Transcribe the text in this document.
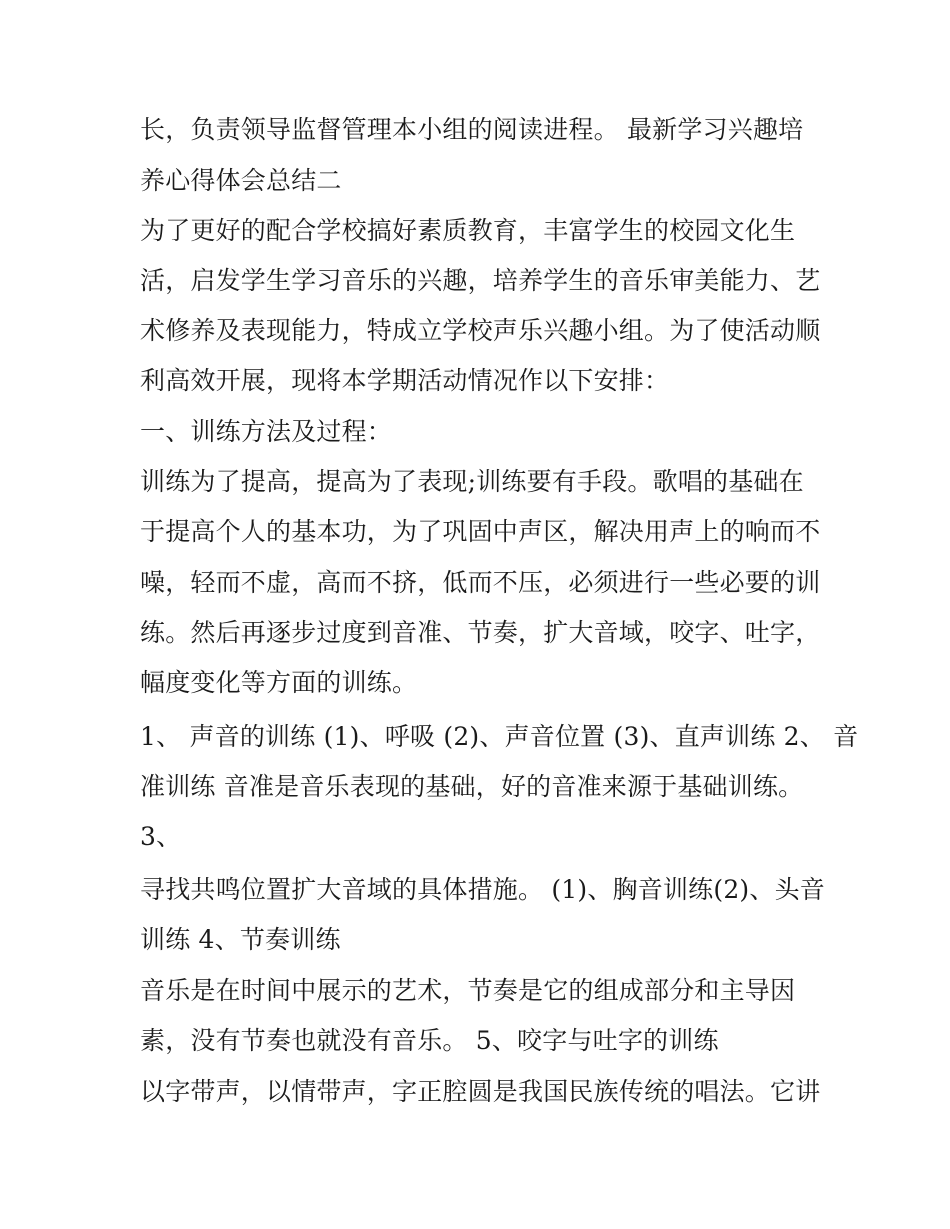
长，负责领导监督管理本小组的阅读进程。 最新学习兴趣培

养心得体会总结二

为了更好的配合学校搞好素质教育，丰富学生的校园文化生

活，启发学生学习音乐的兴趣，培养学生的音乐审美能力、艺

术修养及表现能力，特成立学校声乐兴趣小组。为了使活动顺

利高效开展，现将本学期活动情况作以下安排：

一、训练方法及过程：

训练为了提高，提高为了表现;训练要有手段。歌唱的基础在

于提高个人的基本功，为了巩固中声区，解决用声上的响而不

噪，轻而不虚，高而不挤，低而不压，必须进行一些必要的训

练。然后再逐步过度到音准、节奏，扩大音域，咬字、吐字，

幅度变化等方面的训练。

1、 声音的训练 (1)、呼吸 (2)、声音位置 (3)、直声训练 2、 音

准训练 音准是音乐表现的基础，好的音准来源于基础训练。

3、

寻找共鸣位置扩大音域的具体措施。 (1)、胸音训练(2)、头音

训练 4、节奏训练

音乐是在时间中展示的艺术，节奏是它的组成部分和主导因

素，没有节奏也就没有音乐。 5、咬字与吐字的训练

以字带声，以情带声，字正腔圆是我国民族传统的唱法。它讲
